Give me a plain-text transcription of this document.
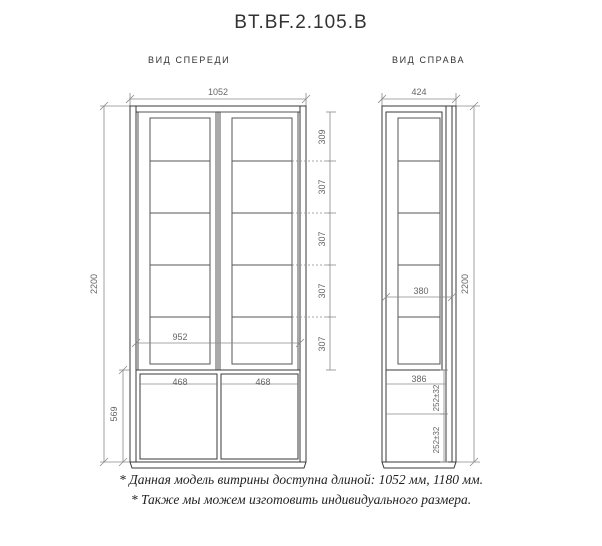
BT.BF.2.105.B
ВИД СПЕРЕДИ	ВИД СПРАВА
1052
2200
309
307
307
307
307
952
468	468
569
424
2200
380
386
252±32
252±32
* Данная модель витрины доступна длиной: 1052 мм, 1180 мм.
* Также мы можем изготовить индивидуального размера.
